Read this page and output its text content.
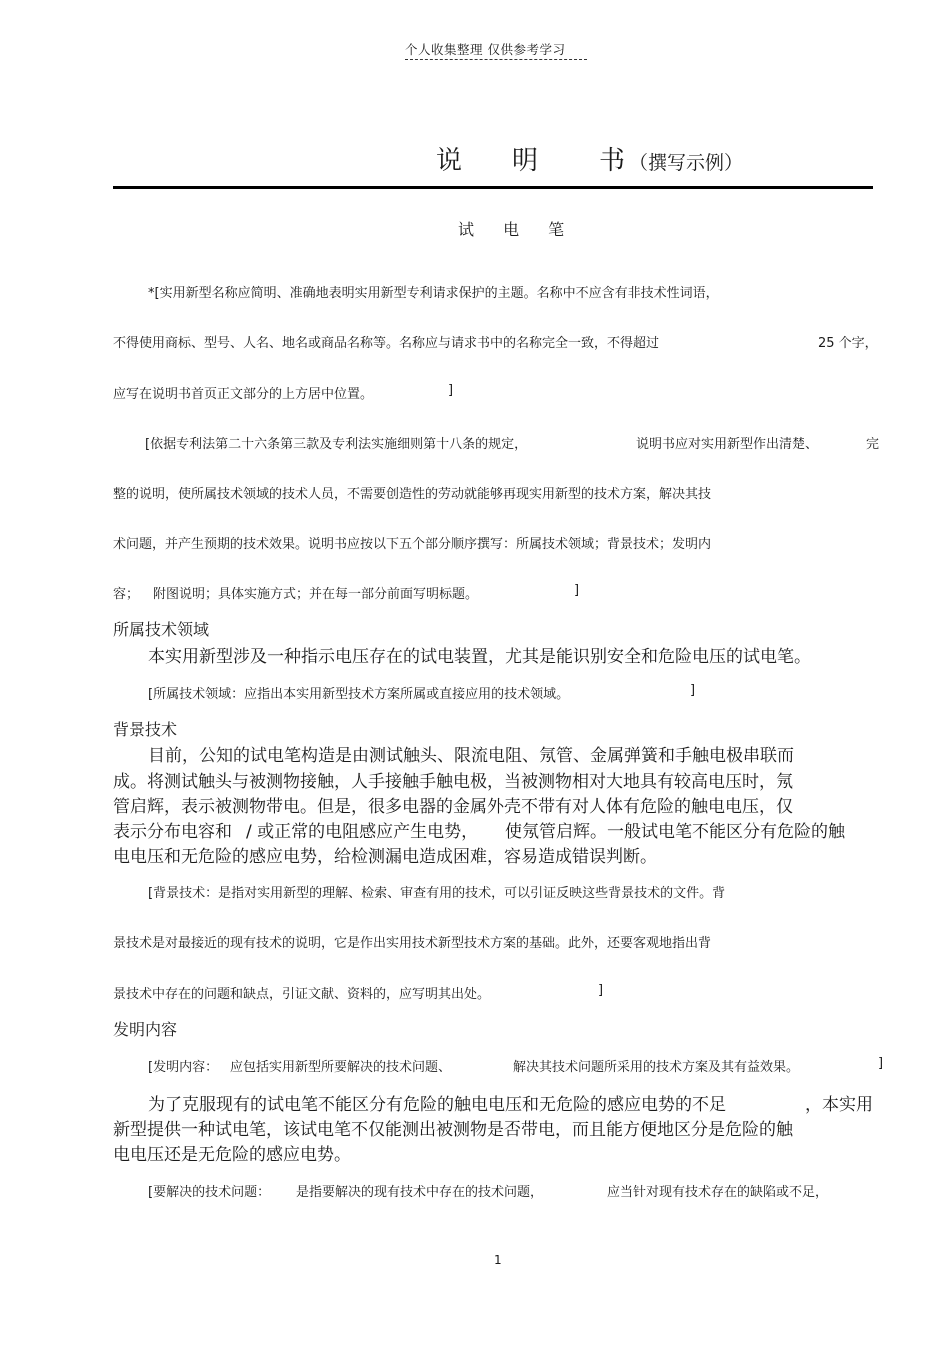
个人收集整理 仅供参考学习
说 明 书 （撰写示例）
试 电 笔
*[实用新型名称应简明、准确地表明实用新型专利请求保护的主题。名称中不应含有非技术性词语，
不得使用商标、型号、人名、地名或商品名称等。名称应与请求书中的名称完全一致，不得超过	25 个字，
应写在说明书首页正文部分的上方居中位置。	]
[依据专利法第二十六条第三款及专利法实施细则第十八条的规定，	说明书应对实用新型作出清楚、	完
整的说明，使所属技术领域的技术人员，不需要创造性的劳动就能够再现实用新型的技术方案，解决其技
术问题，并产生预期的技术效果。说明书应按以下五个部分顺序撰写：所属技术领域；背景技术；发明内
容； 附图说明；具体实施方式；并在每一部分前面写明标题。	]
所属技术领域
本实用新型涉及一种指示电压存在的试电装置，尤其是能识别安全和危险电压的试电笔。
[所属技术领域：应指出本实用新型技术方案所属或直接应用的技术领域。	]
背景技术
目前，公知的试电笔构造是由测试触头、限流电阻、氖管、金属弹簧和手触电极串联而
成。将测试触头与被测物接触，人手接触手触电极，当被测物相对大地具有较高电压时，氖
管启辉，表示被测物带电。但是，很多电器的金属外壳不带有对人体有危险的触电电压，仅
表示分布电容和 / 或正常的电阻感应产生电势， 使氖管启辉。一般试电笔不能区分有危险的触
电电压和无危险的感应电势，给检测漏电造成困难，容易造成错误判断。
[背景技术：是指对实用新型的理解、检索、审查有用的技术，可以引证反映这些背景技术的文件。背
景技术是对最接近的现有技术的说明，它是作出实用技术新型技术方案的基础。此外，还要客观地指出背
景技术中存在的问题和缺点，引证文献、资料的，应写明其出处。	]
发明内容
[发明内容： 应包括实用新型所要解决的技术问题、	解决其技术问题所采用的技术方案及其有益效果。	]
为了克服现有的试电笔不能区分有危险的触电电压和无危险的感应电势的不足	，本实用
新型提供一种试电笔，该试电笔不仅能测出被测物是否带电，而且能方便地区分是危险的触
电电压还是无危险的感应电势。
[要解决的技术问题： 是指要解决的现有技术中存在的技术问题，	应当针对现有技术存在的缺陷或不足，
1
